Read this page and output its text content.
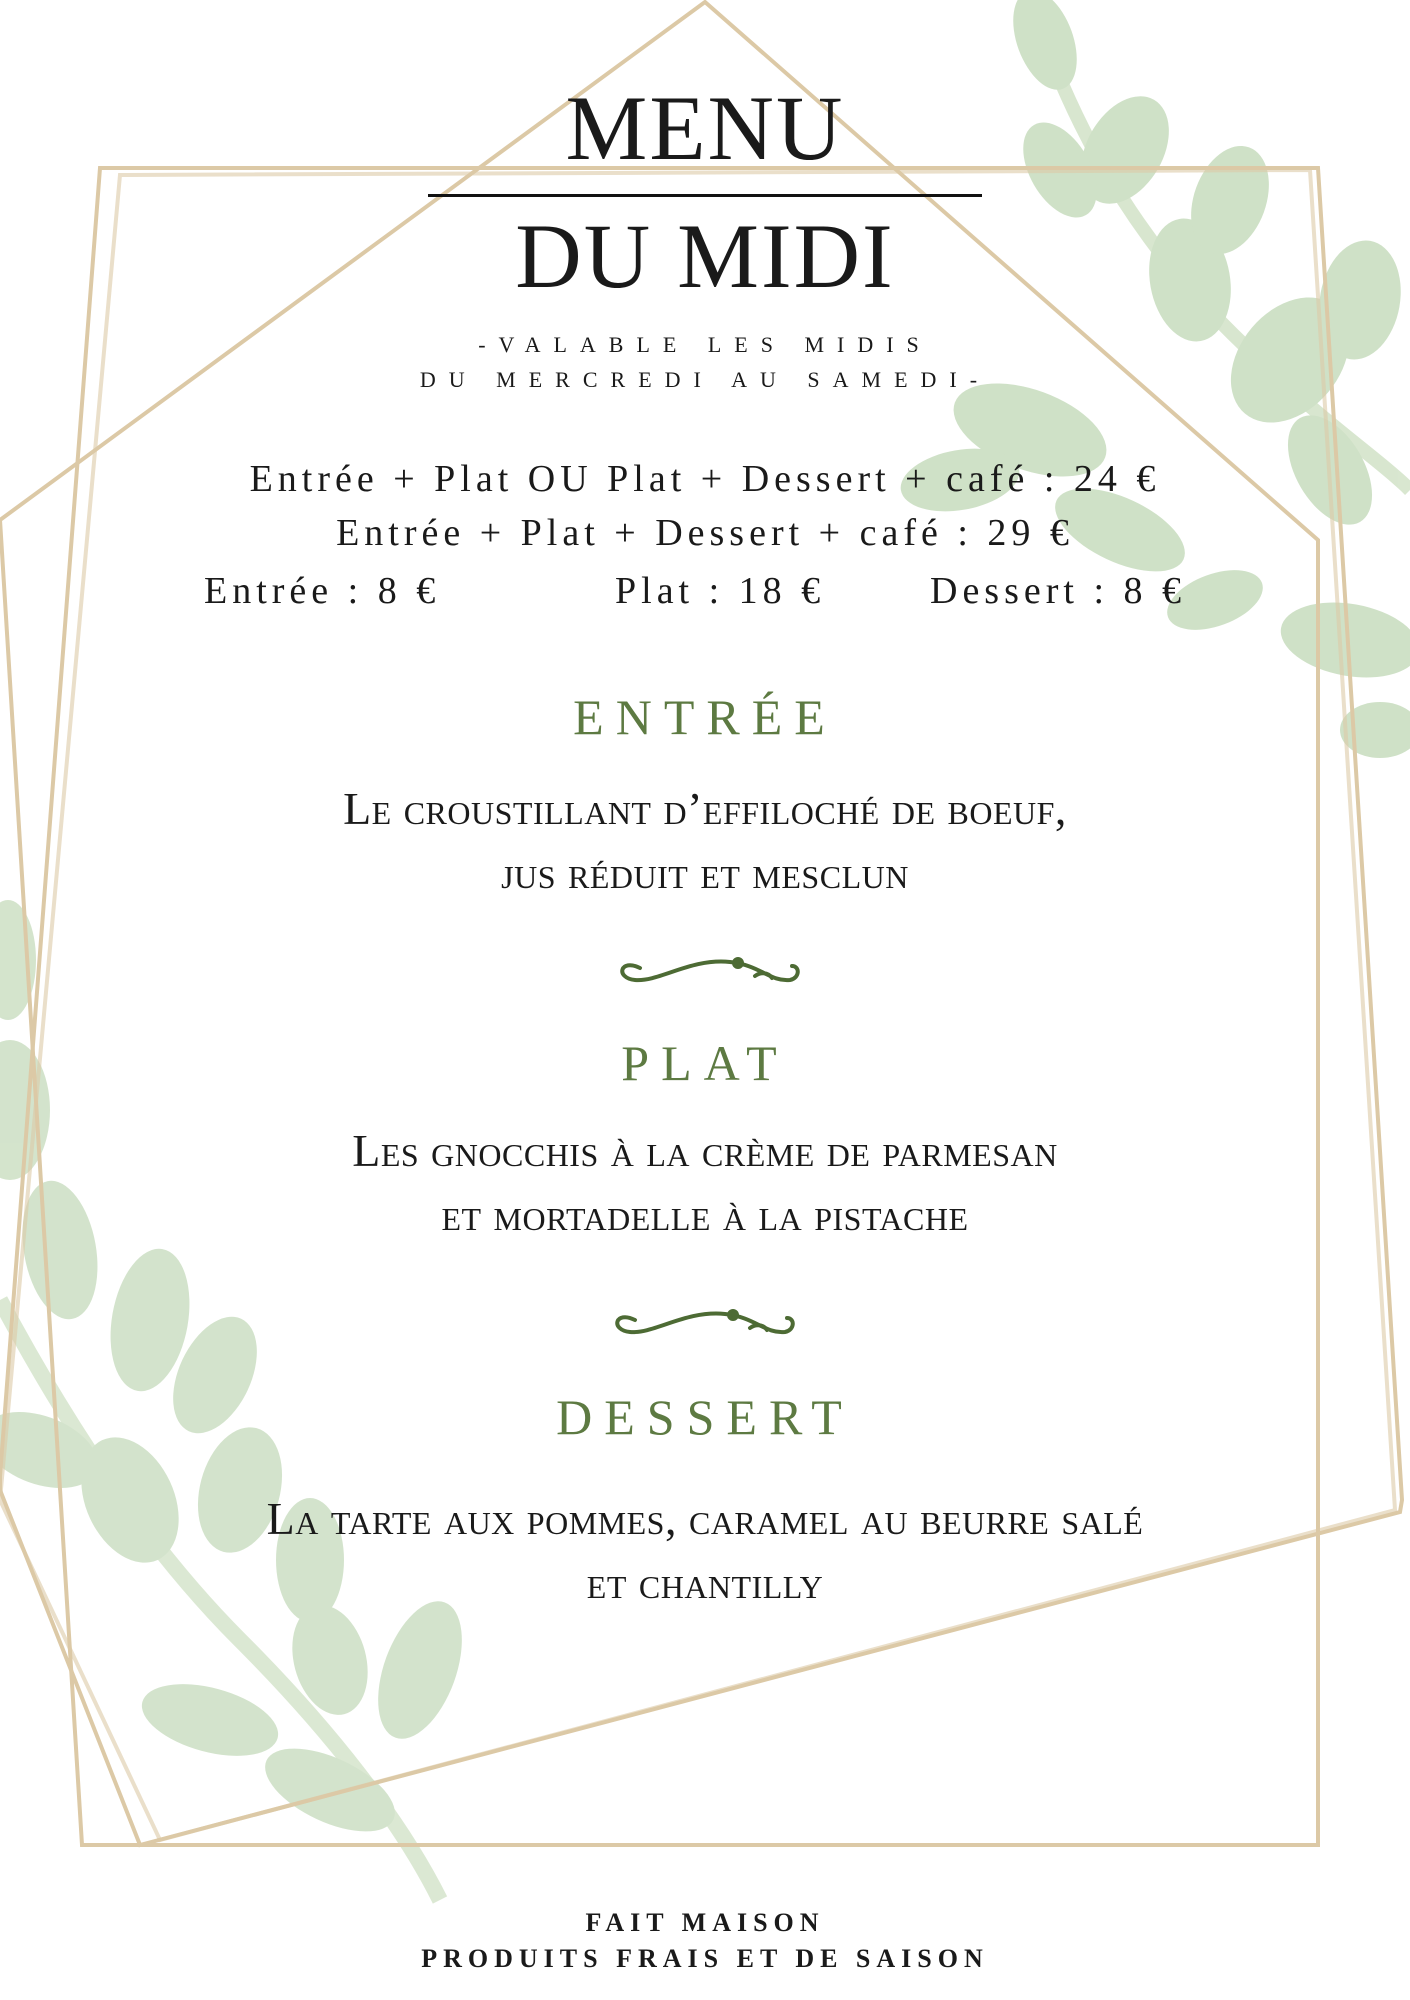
MENU
DU MIDI
-VALABLE LES MIDIS
DU MERCREDI AU SAMEDI-
Entrée + Plat OU Plat + Dessert + café : 24 €
Entrée + Plat + Dessert + café : 29 €
Entrée : 8 €	Plat : 18 €	Dessert : 8 €
ENTRÉE
Le croustillant d’effiloché de boeuf,
jus réduit et mesclun
PLAT
Les gnocchis à la crème de parmesan
et mortadelle à la pistache
DESSERT
La tarte aux pommes, caramel au beurre salé
et chantilly
FAIT MAISON
PRODUITS FRAIS ET DE SAISON
